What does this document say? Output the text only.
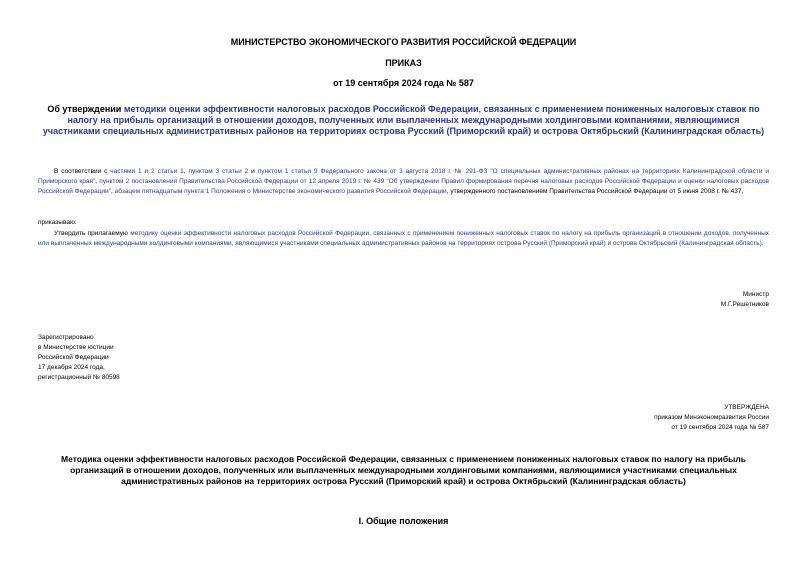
МИНИСТЕРСТВО ЭКОНОМИЧЕСКОГО РАЗВИТИЯ РОССИЙСКОЙ ФЕДЕРАЦИИ
ПРИКАЗ
от 19 сентября 2024 года № 587
Об утверждении методики оценки эффективности налоговых расходов Российской Федерации, связанных с применением пониженных налоговых ставок по налогу на прибыль организаций в отношении доходов, полученных или выплаченных международными холдинговыми компаниями, являющимися участниками специальных административных районов на территориях острова Русский (Приморский край) и острова Октябрьский (Калининградская область)
В соответствии с частями 1 и 2 статьи 1, пунктом 3 статьи 2 и пунктом 1 статьи 9 Федерального закона от 3 августа 2018 г. № 291-ФЗ "О специальных административных районах на территориях Калининградской области и Приморского края", пунктом 2 постановления Правительства Российской Федерации от 12 апреля 2019 г. № 439 "Об утверждении Правил формирования перечня налоговых расходов Российской Федерации и оценки налоговых расходов Российской Федерации", абзацем пятнадцатым пункта 1 Положения о Министерстве экономического развития Российской Федерации, утвержденного постановлением Правительства Российской Федерации от 5 июня 2008 г. № 437,
приказываю:
Утвердить прилагаемую методику оценки эффективности налоговых расходов Российской Федерации, связанных с применением пониженных налоговых ставок по налогу на прибыль организаций в отношении доходов, полученных или выплаченных международными холдинговыми компаниями, являющимися участниками специальных административных районов на территориях острова Русский (Приморский край) и острова Октябрьский (Калининградская область).
Министр
М.Г.Решетников
Зарегистрировано
в Министерстве юстиции
Российской Федерации
17 декабря 2024 года,
регистрационный № 80598
УТВЕРЖДЕНА
приказом Минэкономразвития России
от 19 сентября 2024 года № 587
Методика оценки эффективности налоговых расходов Российской Федерации, связанных с применением пониженных налоговых ставок по налогу на прибыль организаций в отношении доходов, полученных или выплаченных международными холдинговыми компаниями, являющимися участниками специальных административных районов на территориях острова Русский (Приморский край) и острова Октябрьский (Калининградская область)
I. Общие положения
